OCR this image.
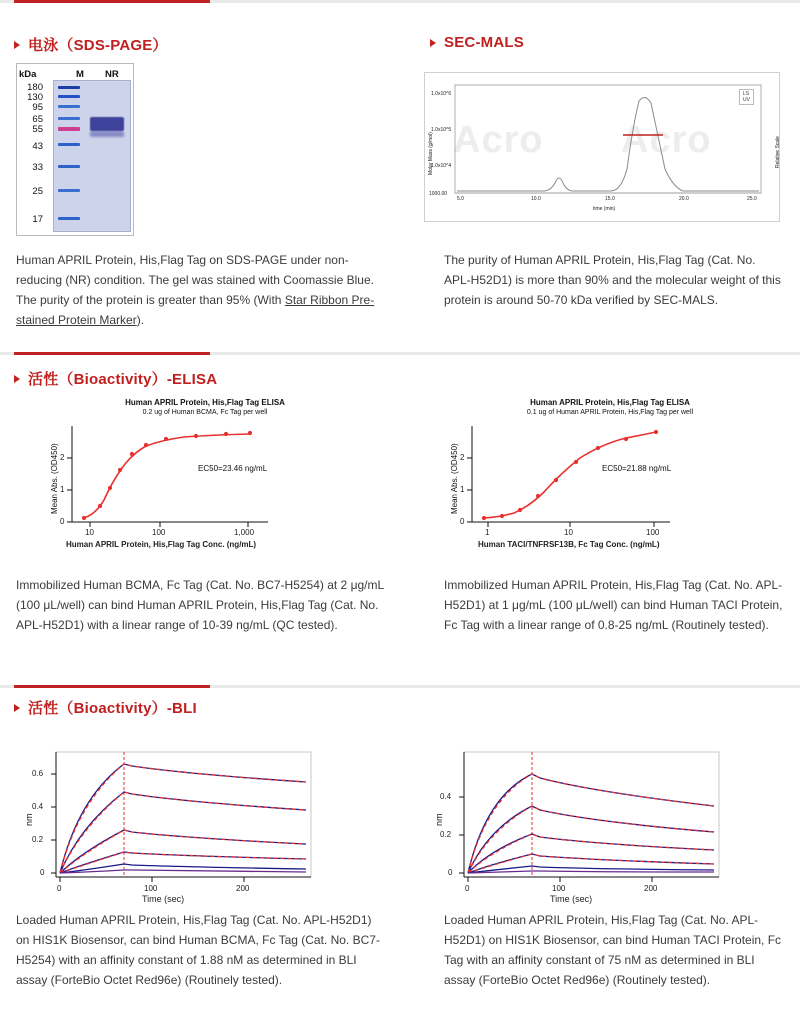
电泳（SDS-PAGE）	SEC-MALS
kDa	M NR
180
130
95
65
55
43
33
25
17
Human APRIL Protein, His,Flag Tag on SDS-PAGE under non-reducing (NR) condition. The gel was stained with Coomassie Blue. The purity of the protein is greater than 95% (With Star Ribbon Pre-stained Protein Marker).
Acro Acro
1.0x10^6
1.0x10^5
1.0x10^4
1000.00
Molar Mass (g/mol)	Relative Scale
5.0	10.0	15.0	20.0	25.0
time (min)
LS
UV
The purity of Human APRIL Protein, His,Flag Tag (Cat. No. APL-H52D1) is more than 90% and the molecular weight of this protein is around 50-70 kDa verified by SEC-MALS.
活性（Bioactivity）-ELISA
Human APRIL Protein, His,Flag Tag ELISA
0.2 ug of Human BCMA, Fc Tag per well
0
1
2
Mean Abs. (OD450)
10	100	1,000
Human APRIL Protein, His,Flag Tag Conc. (ng/mL)
EC50=23.46 ng/mL
Human APRIL Protein, His,Flag Tag ELISA
0.1 ug of Human APRIL Protein, His,Flag Tag per well
0
1
2
Mean Abs. (OD450)
1	10	100
Human TACI/TNFRSF13B, Fc Tag Conc. (ng/mL)
EC50=21.88 ng/mL
Immobilized Human BCMA, Fc Tag (Cat. No. BC7-H5254) at 2 μg/mL (100 μL/well) can bind Human APRIL Protein, His,Flag Tag (Cat. No. APL-H52D1) with a linear range of 10-39 ng/mL (QC tested).
Immobilized Human APRIL Protein, His,Flag Tag (Cat. No. APL-H52D1) at 1 μg/mL (100 μL/well) can bind Human TACI Protein, Fc Tag with a linear range of 0.8-25 ng/mL (Routinely tested).
活性（Bioactivity）-BLI
0
0.2
0.4
0.6
nm
0	100	200
Time (sec)
0
0.2
0.4
nm
0	100	200
Time (sec)
Loaded Human APRIL Protein, His,Flag Tag (Cat. No. APL-H52D1) on HIS1K Biosensor, can bind Human BCMA, Fc Tag (Cat. No. BC7-H5254) with an affinity constant of 1.88 nM as determined in BLI assay (ForteBio Octet Red96e) (Routinely tested).
Loaded Human APRIL Protein, His,Flag Tag (Cat. No. APL-H52D1) on HIS1K Biosensor, can bind Human TACI Protein, Fc Tag with an affinity constant of 75 nM as determined in BLI assay (ForteBio Octet Red96e) (Routinely tested).
